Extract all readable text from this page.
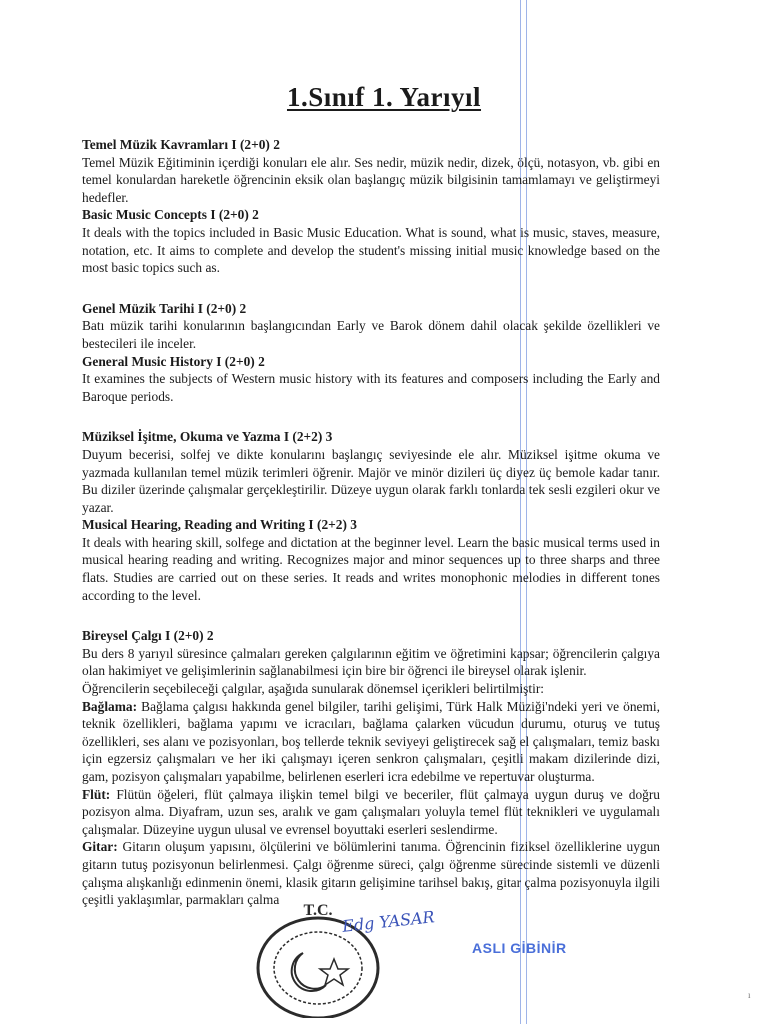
1.Sınıf 1. Yarıyıl

Temel Müzik Kavramları I (2+0) 2

Temel Müzik Eğitiminin içerdiği konuları ele alır. Ses nedir, müzik nedir, dizek, ölçü, notasyon, vb. gibi en temel konulardan hareketle öğrencinin eksik olan başlangıç müzik bilgisinin tamamlamayı ve geliştirmeyi hedefler.

Basic Music Concepts I (2+0) 2

It deals with the topics included in Basic Music Education. What is sound, what is music, staves, measure, notation, etc. It aims to complete and develop the student's missing initial music knowledge based on the most basic topics such as.

Genel Müzik Tarihi I (2+0) 2

Batı müzik tarihi konularının başlangıcından Early ve Barok dönem dahil olacak şekilde özellikleri ve bestecileri ile inceler.

General Music History I (2+0) 2

It examines the subjects of Western music history with its features and composers including the Early and Baroque periods.

Müziksel İşitme, Okuma ve Yazma I (2+2) 3

Duyum becerisi, solfej ve dikte konularını başlangıç seviyesinde ele alır. Müziksel işitme okuma ve yazmada kullanılan temel müzik terimleri öğrenir. Majör ve minör dizileri üç diyez üç bemole kadar tanır. Bu diziler üzerinde çalışmalar gerçekleştirilir. Düzeye uygun olarak farklı tonlarda tek sesli ezgileri okur ve yazar.

Musical Hearing, Reading and Writing I (2+2) 3

It deals with hearing skill, solfege and dictation at the beginner level. Learn the basic musical terms used in musical hearing reading and writing. Recognizes major and minor sequences up to three sharps and three flats. Studies are carried out on these series. It reads and writes monophonic melodies in different tones according to the level.

Bireysel Çalgı I (2+0) 2

Bu ders 8 yarıyıl süresince çalmaları gereken çalgılarının eğitim ve öğretimini kapsar; öğrencilerin çalgıya olan hakimiyet ve gelişimlerinin sağlanabilmesi için bire bir öğrenci ile bireysel olarak işlenir.

Öğrencilerin seçebileceği çalgılar, aşağıda sunularak dönemsel içerikleri belirtilmiştir:

Bağlama: Bağlama çalgısı hakkında genel bilgiler, tarihi gelişimi, Türk Halk Müziği'ndeki yeri ve önemi, teknik özellikleri, bağlama yapımı ve icracıları, bağlama çalarken vücudun durumu, oturuş ve tutuş özellikleri, ses alanı ve pozisyonları, boş tellerde teknik seviyeyi geliştirecek sağ el çalışmaları, temiz baskı için egzersiz çalışmaları ve her iki çalışmayı içeren senkron çalışmaları, çeşitli makam dizilerinde dizi, gam, pozisyon çalışmaları yapabilme, belirlenen eserleri icra edebilme ve repertuvar oluşturma.

Flüt: Flütün öğeleri, flüt çalmaya ilişkin temel bilgi ve beceriler, flüt çalmaya uygun duruş ve doğru pozisyon alma. Diyafram, uzun ses, aralık ve gam çalışmaları yoluyla temel flüt teknikleri ve uygulamalı çalışmalar. Düzeyine uygun ulusal ve evrensel boyuttaki eserleri seslendirme.

Gitar: Gitarın oluşum yapısını, ölçülerini ve bölümlerini tanıma. Öğrencinin fiziksel özelliklerine uygun gitarın tutuş pozisyonun belirlenmesi. Çalgı öğrenme süreci, çalgı öğrenme sürecinde sistemli ve düzenli çalışma alışkanlığı edinmenin önemi, klasik gitarın gelişimine tarihsel bakış, gitar çalma pozisyonuyla ilgili çeşitli yaklaşımlar, parmakları çalma

T.C. Edg YASAR
ASLI GİBİNİR
ı
